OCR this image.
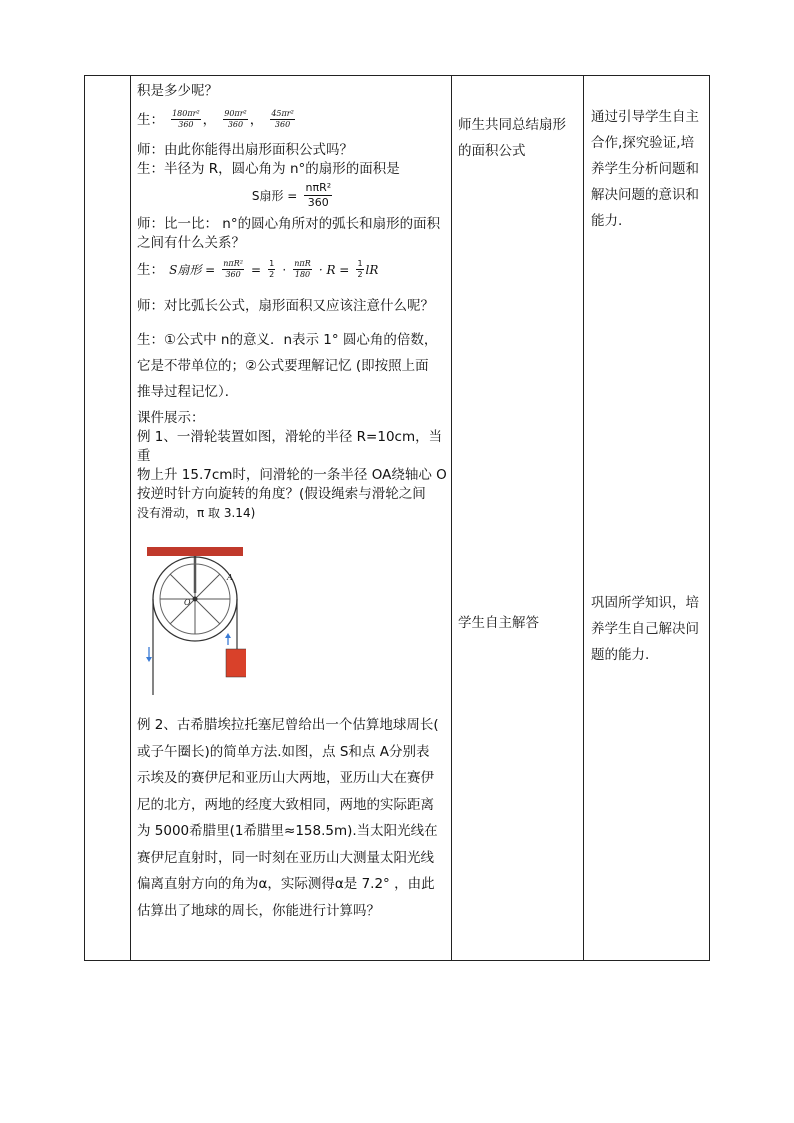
积是多少呢？
生： $\frac{\text{180πr²}}{360}$ ， $\frac{\text{90πr²}}{360}$ ， $\frac{\text{45πr²}}{360}$
师：由此你能得出扇形面积公式吗？
生：半径为 R，圆心角为 n°的扇形的面积是
S扇形 = $\frac{\text{nπR²}}{360}$
师：比一比： n°的圆心角所对的弧长和扇形的面积
之间有什么关系？
生： S扇形 = $\frac{\text{nπR²}}{360} = \frac{1}{2} \cdot \frac{\text{nπR}}{180} \cdot R = \frac{1}{2}$ lR
师：对比弧长公式，扇形面积又应该注意什么呢？
生：①公式中 n的意义．n表示 1° 圆心角的倍数，
它是不带单位的；②公式要理解记忆 (即按照上面
推导过程记忆）．
课件展示：
例 1、一滑轮装置如图，滑轮的半径 R=10cm，当重
物上升 15.7cm时，问滑轮的一条半径 OA绕轴心 O
按逆时针方向旋转的角度？(假设绳索与滑轮之间
没有滑动，π 取 3.14)
A
O
例 2、古希腊埃拉托塞尼曾给出一个估算地球周长(
或子午圈长)的简单方法.如图，点 S和点 A分别表
示埃及的赛伊尼和亚历山大两地，亚历山大在赛伊
尼的北方，两地的经度大致相同，两地的实际距离
为 5000希腊里(1希腊里≈158.5m).当太阳光线在
赛伊尼直射时，同一时刻在亚历山大测量太阳光线
偏离直射方向的角为α，实际测得α是 7.2° ，由此
估算出了地球的周长，你能进行计算吗？
师生共同总结扇形
的面积公式
学生自主解答
通过引导学生自主
合作,探究验证,培
养学生分析问题和
解决问题的意识和
能力.
巩固所学知识，培
养学生自己解决问
题的能力.
